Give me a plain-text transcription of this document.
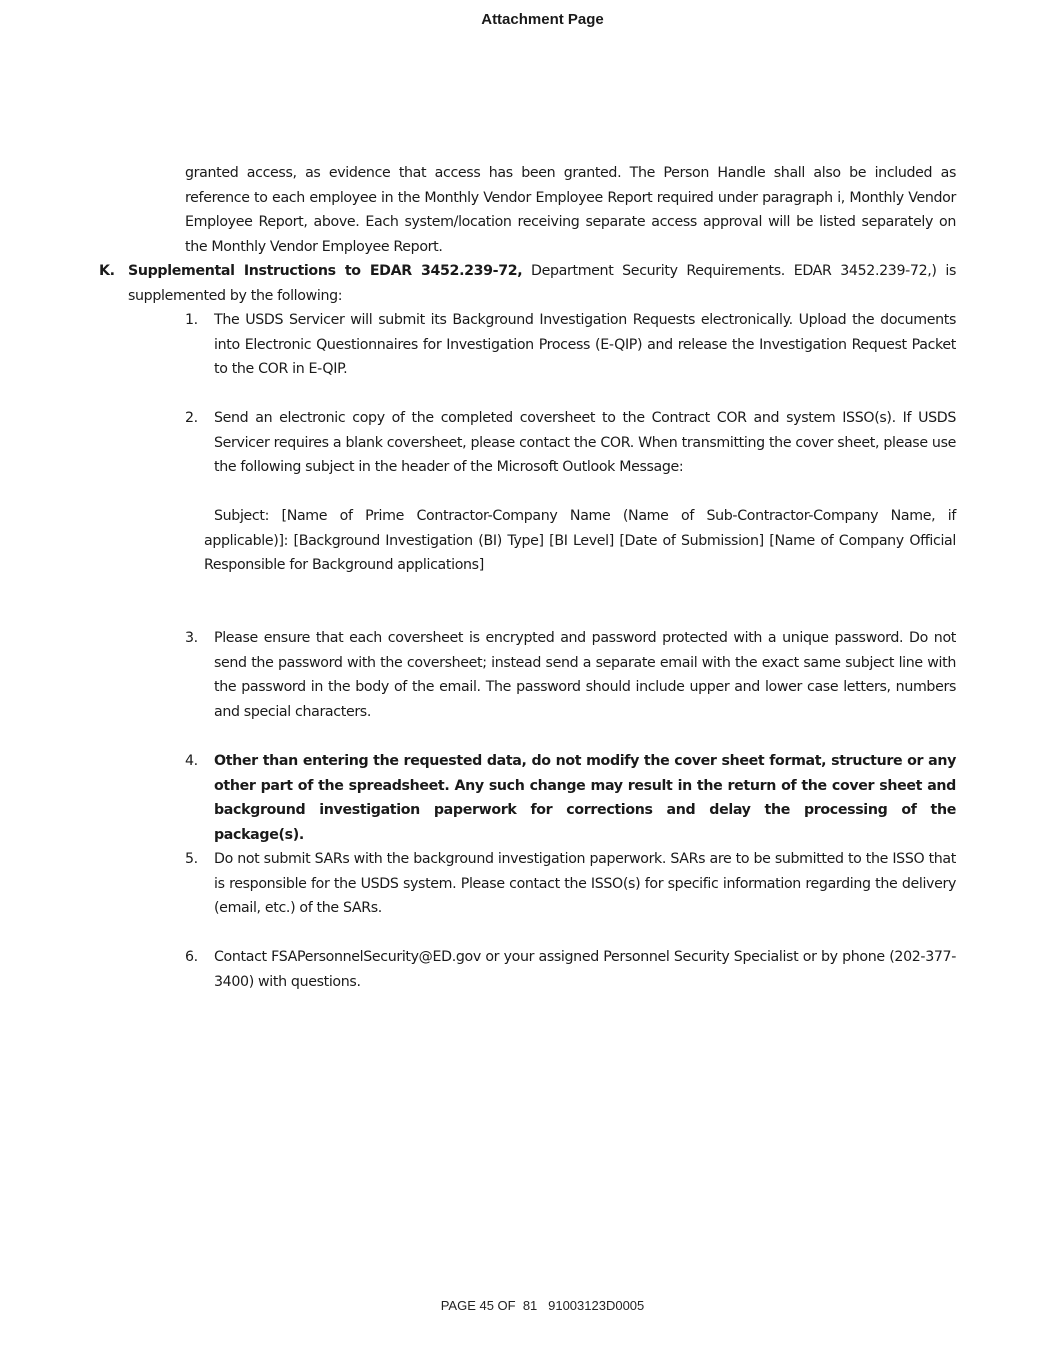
Attachment Page
granted access, as evidence that access has been granted. The Person Handle shall also be included as reference to each employee in the Monthly Vendor Employee Report required under paragraph i, Monthly Vendor Employee Report, above. Each system/location receiving separate access approval will be listed separately on the Monthly Vendor Employee Report.
K. Supplemental Instructions to EDAR 3452.239-72, Department Security Requirements. EDAR 3452.239-72,) is supplemented by the following:
1.	The USDS Servicer will submit its Background Investigation Requests electronically. Upload the documents into Electronic Questionnaires for Investigation Process (E-QIP) and release the Investigation Request Packet to the COR in E-QIP.
2.	Send an electronic copy of the completed coversheet to the Contract COR and system ISSO(s). If USDS Servicer requires a blank coversheet, please contact the COR. When transmitting the cover sheet, please use the following subject in the header of the Microsoft Outlook Message:
Subject: [Name of Prime Contractor-Company Name (Name of Sub-Contractor-Company Name, if applicable)]: [Background Investigation (BI) Type] [BI Level] [Date of Submission] [Name of Company Official Responsible for Background applications]
3.	Please ensure that each coversheet is encrypted and password protected with a unique password. Do not send the password with the coversheet; instead send a separate email with the exact same subject line with the password in the body of the email. The password should include upper and lower case letters, numbers and special characters.
4.	Other than entering the requested data, do not modify the cover sheet format, structure or any other part of the spreadsheet. Any such change may result in the return of the cover sheet and background investigation paperwork for corrections and delay the processing of the package(s).
5.	Do not submit SARs with the background investigation paperwork. SARs are to be submitted to the ISSO that is responsible for the USDS system. Please contact the ISSO(s) for specific information regarding the delivery (email, etc.) of the SARs.
6.	Contact FSAPersonnelSecurity@ED.gov or your assigned Personnel Security Specialist or by phone (202-377-3400) with questions.
PAGE 45 OF  81   91003123D0005
